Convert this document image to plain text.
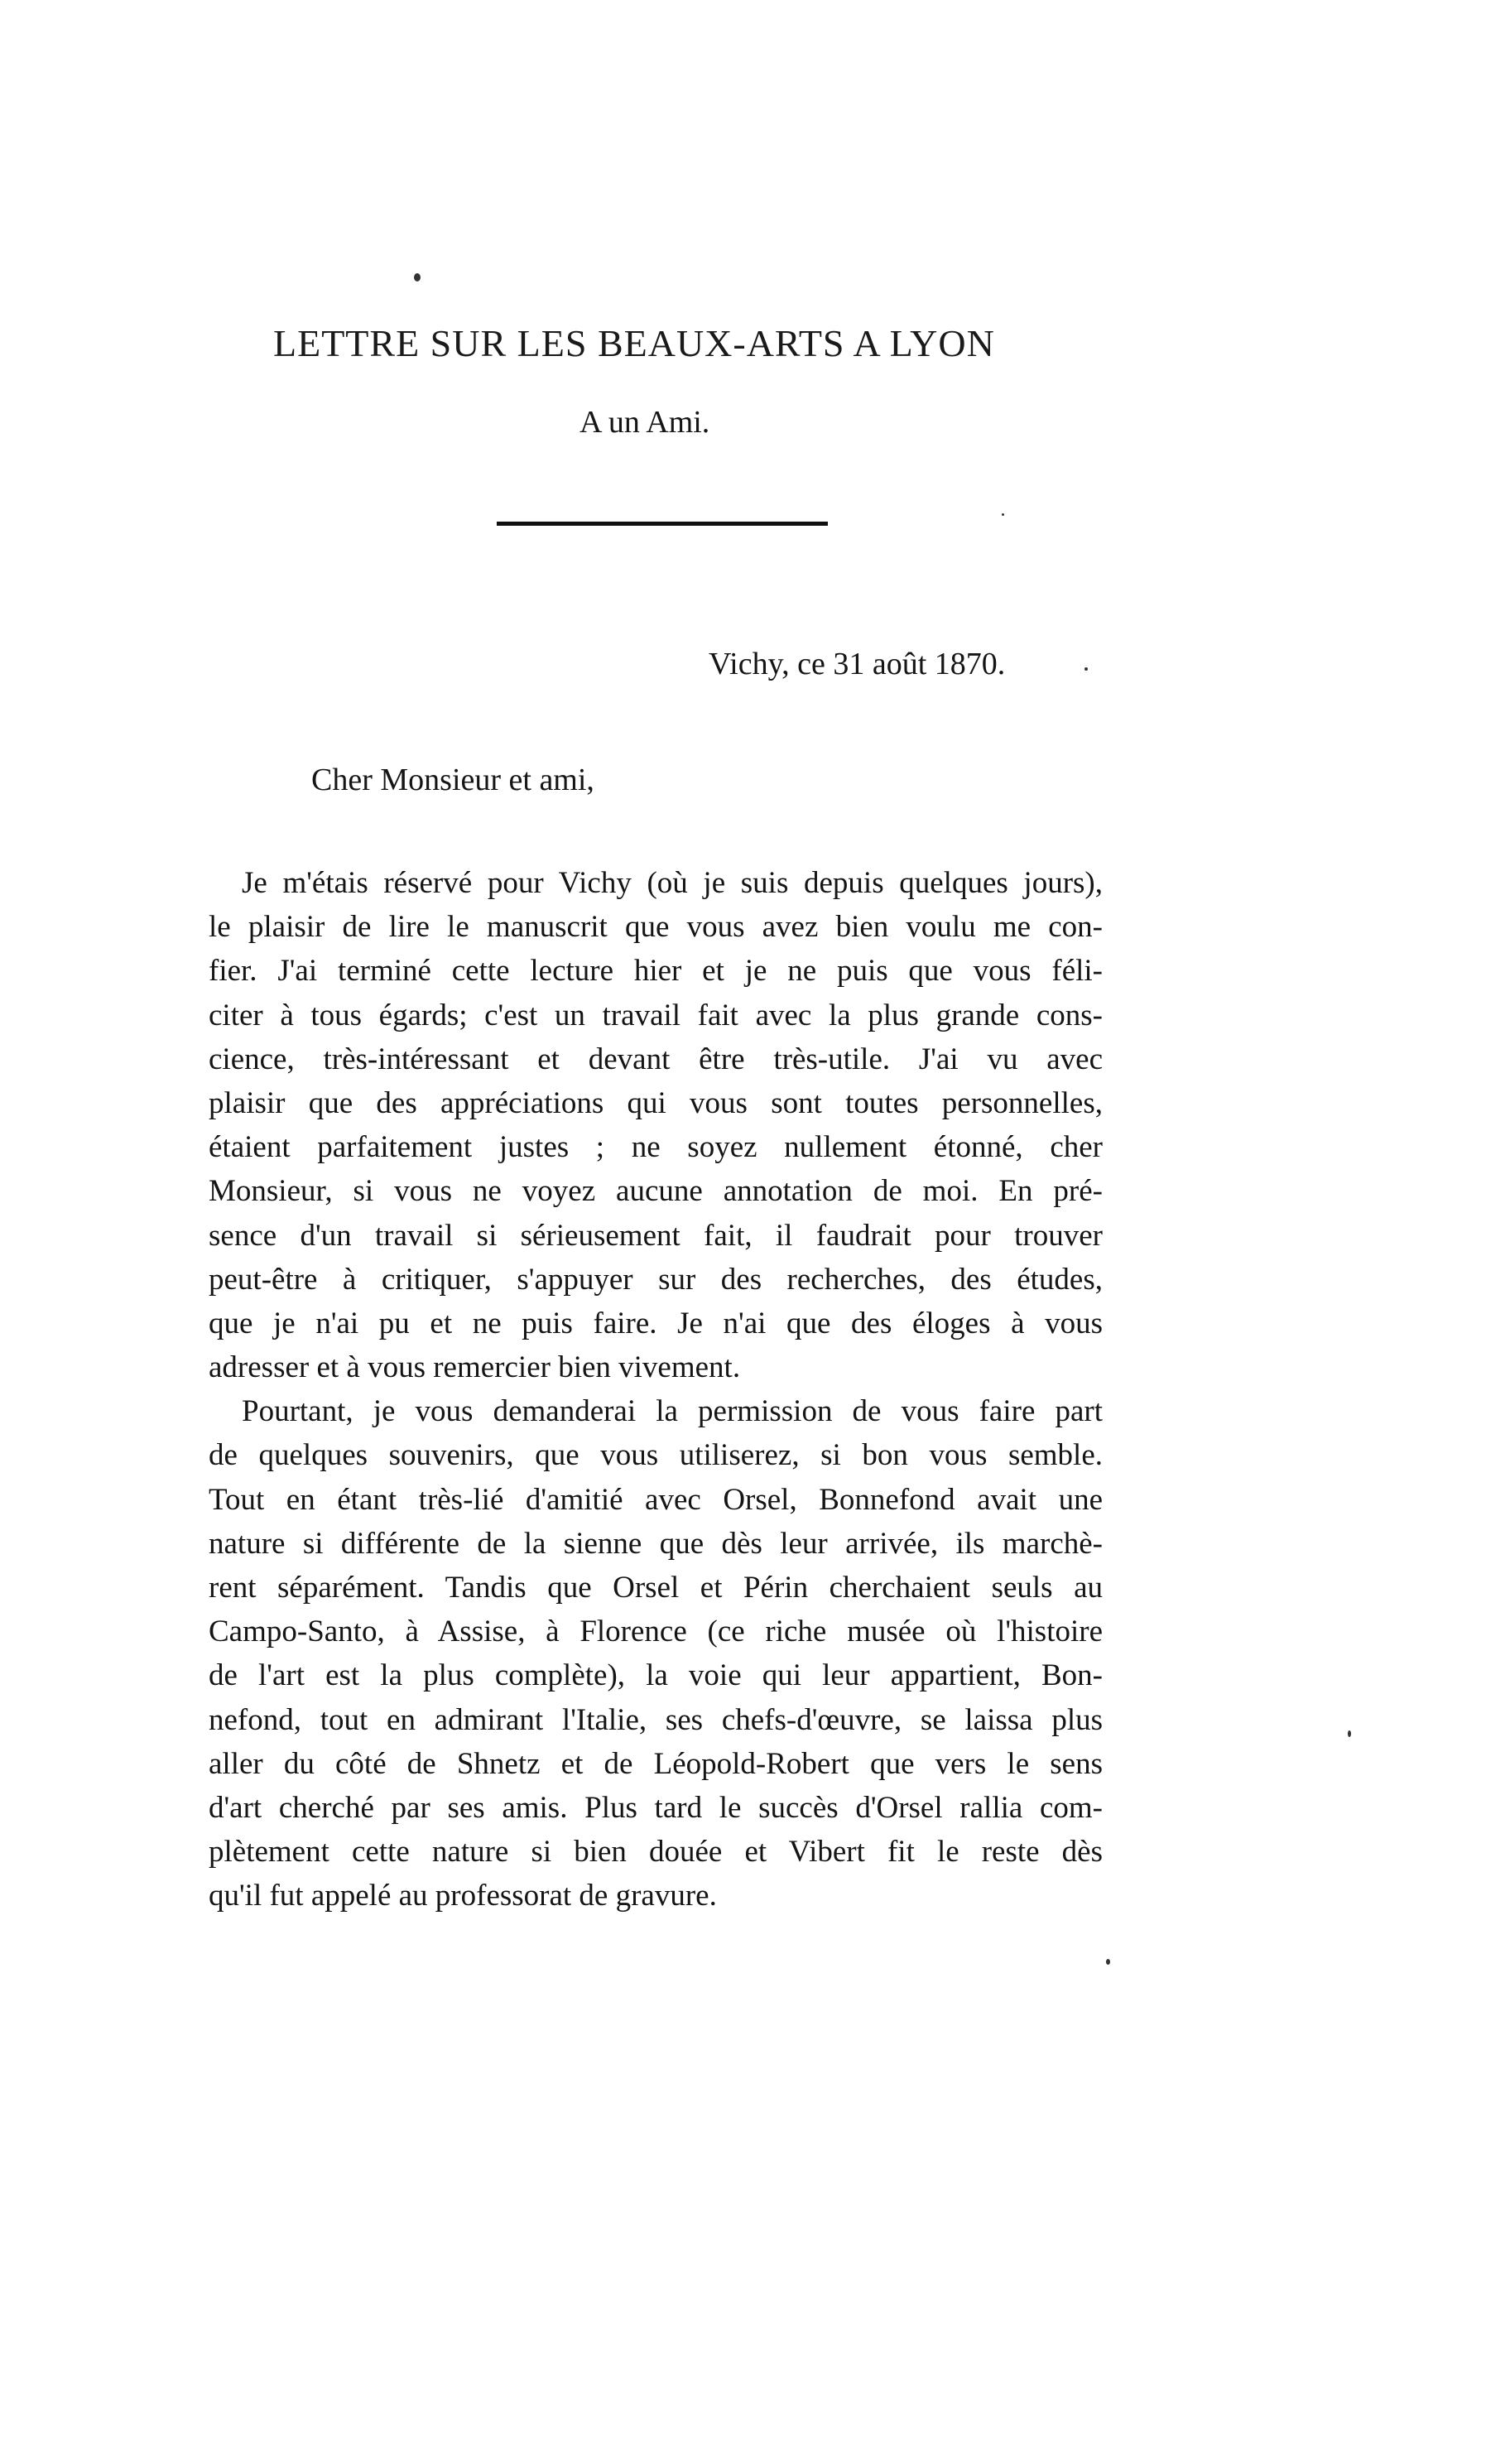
LETTRE SUR LES BEAUX-ARTS A LYON
A un Ami.
Vichy, ce 31 août 1870.
Cher Monsieur et ami,
Je m'étais réservé pour Vichy (où je suis depuis quelques jours),
le plaisir de lire le manuscrit que vous avez bien voulu me con-
fier. J'ai terminé cette lecture hier et je ne puis que vous féli-
citer à tous égards; c'est un travail fait avec la plus grande cons-
cience, très-intéressant et devant être très-utile. J'ai vu avec
plaisir que des appréciations qui vous sont toutes personnelles,
étaient parfaitement justes ; ne soyez nullement étonné, cher
Monsieur, si vous ne voyez aucune annotation de moi. En pré-
sence d'un travail si sérieusement fait, il faudrait pour trouver
peut-être à critiquer, s'appuyer sur des recherches, des études,
que je n'ai pu et ne puis faire. Je n'ai que des éloges à vous
adresser et à vous remercier bien vivement.
Pourtant, je vous demanderai la permission de vous faire part
de quelques souvenirs, que vous utiliserez, si bon vous semble.
Tout en étant très-lié d'amitié avec Orsel, Bonnefond avait une
nature si différente de la sienne que dès leur arrivée, ils marchè-
rent séparément. Tandis que Orsel et Périn cherchaient seuls au
Campo-Santo, à Assise, à Florence (ce riche musée où l'histoire
de l'art est la plus complète), la voie qui leur appartient, Bon-
nefond, tout en admirant l'Italie, ses chefs-d'œuvre, se laissa plus
aller du côté de Shnetz et de Léopold-Robert que vers le sens
d'art cherché par ses amis. Plus tard le succès d'Orsel rallia com-
plètement cette nature si bien douée et Vibert fit le reste dès
qu'il fut appelé au professorat de gravure.
